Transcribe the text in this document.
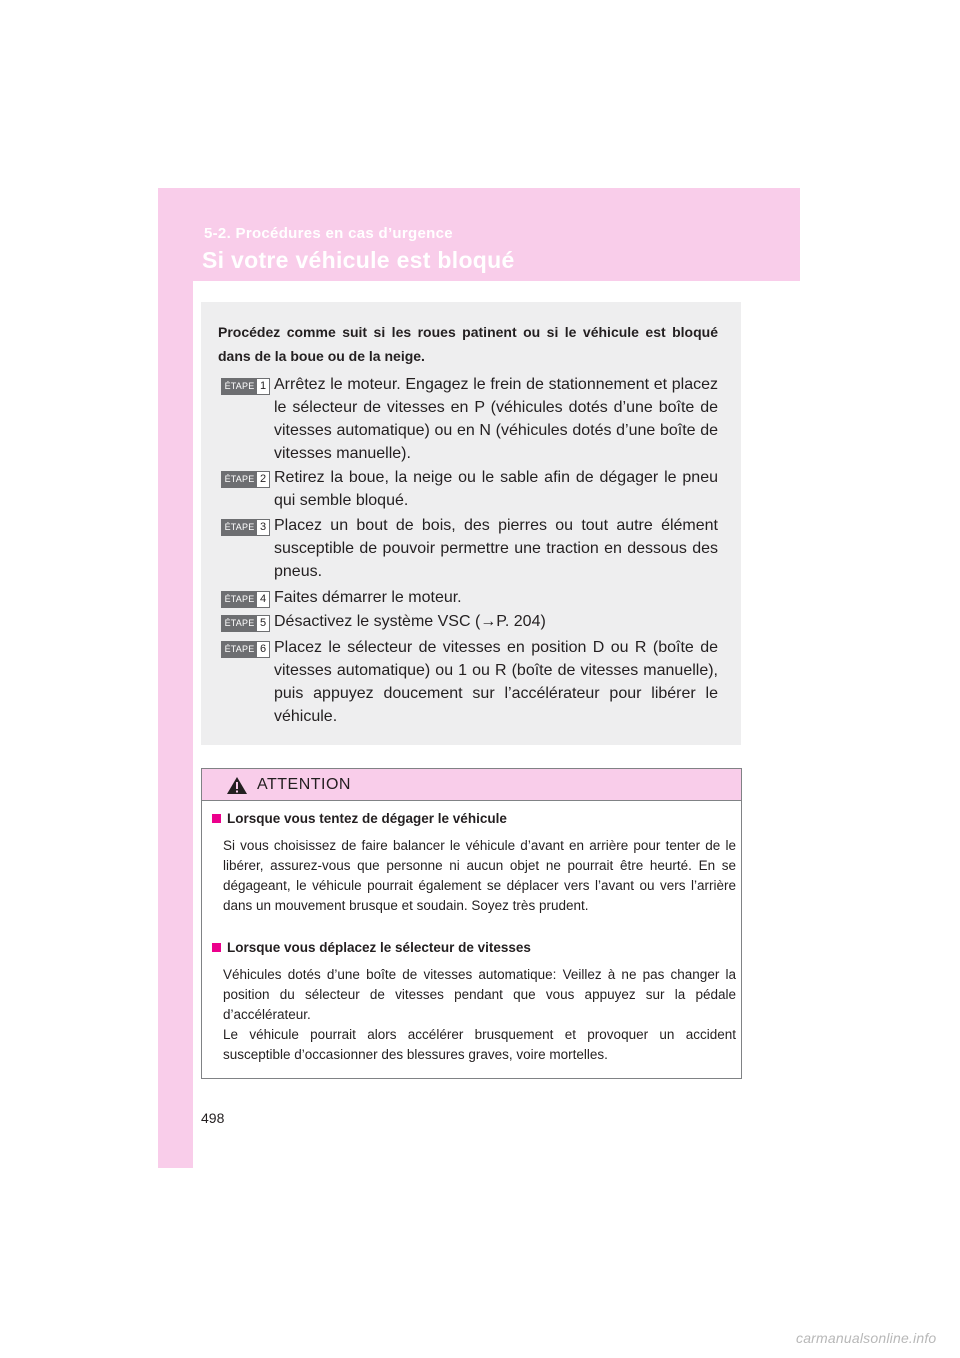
5-2. Procédures en cas d’urgence
Si votre véhicule est bloqué
Procédez comme suit si les roues patinent ou si le véhicule est bloqué dans de la boue ou de la neige.
ÉTAPE 1 Arrêtez le moteur. Engagez le frein de stationnement et placez le sélecteur de vitesses en P (véhicules dotés d’une boîte de vitesses automatique) ou en N (véhicules dotés d’une boîte de vitesses manuelle).
ÉTAPE 2 Retirez la boue, la neige ou le sable afin de dégager le pneu qui semble bloqué.
ÉTAPE 3 Placez un bout de bois, des pierres ou tout autre élément susceptible de pouvoir permettre une traction en dessous des pneus.
ÉTAPE 4 Faites démarrer le moteur.
ÉTAPE 5 Désactivez le système VSC (→P. 204)
ÉTAPE 6 Placez le sélecteur de vitesses en position D ou R (boîte de vitesses automatique) ou 1 ou R (boîte de vitesses manuelle), puis appuyez doucement sur l’accélérateur pour libérer le véhicule.
ATTENTION
Lorsque vous tentez de dégager le véhicule

Si vous choisissez de faire balancer le véhicule d’avant en arrière pour tenter de le libérer, assurez-vous que personne ni aucun objet ne pourrait être heurté. En se dégageant, le véhicule pourrait également se déplacer vers l’avant ou vers l’arrière dans un mouvement brusque et soudain. Soyez très prudent.

Lorsque vous déplacez le sélecteur de vitesses

Véhicules dotés d’une boîte de vitesses automatique: Veillez à ne pas changer la position du sélecteur de vitesses pendant que vous appuyez sur la pédale d’accélérateur.

Le véhicule pourrait alors accélérer brusquement et provoquer un accident susceptible d’occasionner des blessures graves, voire mortelles.

498
carmanualsonline.info
